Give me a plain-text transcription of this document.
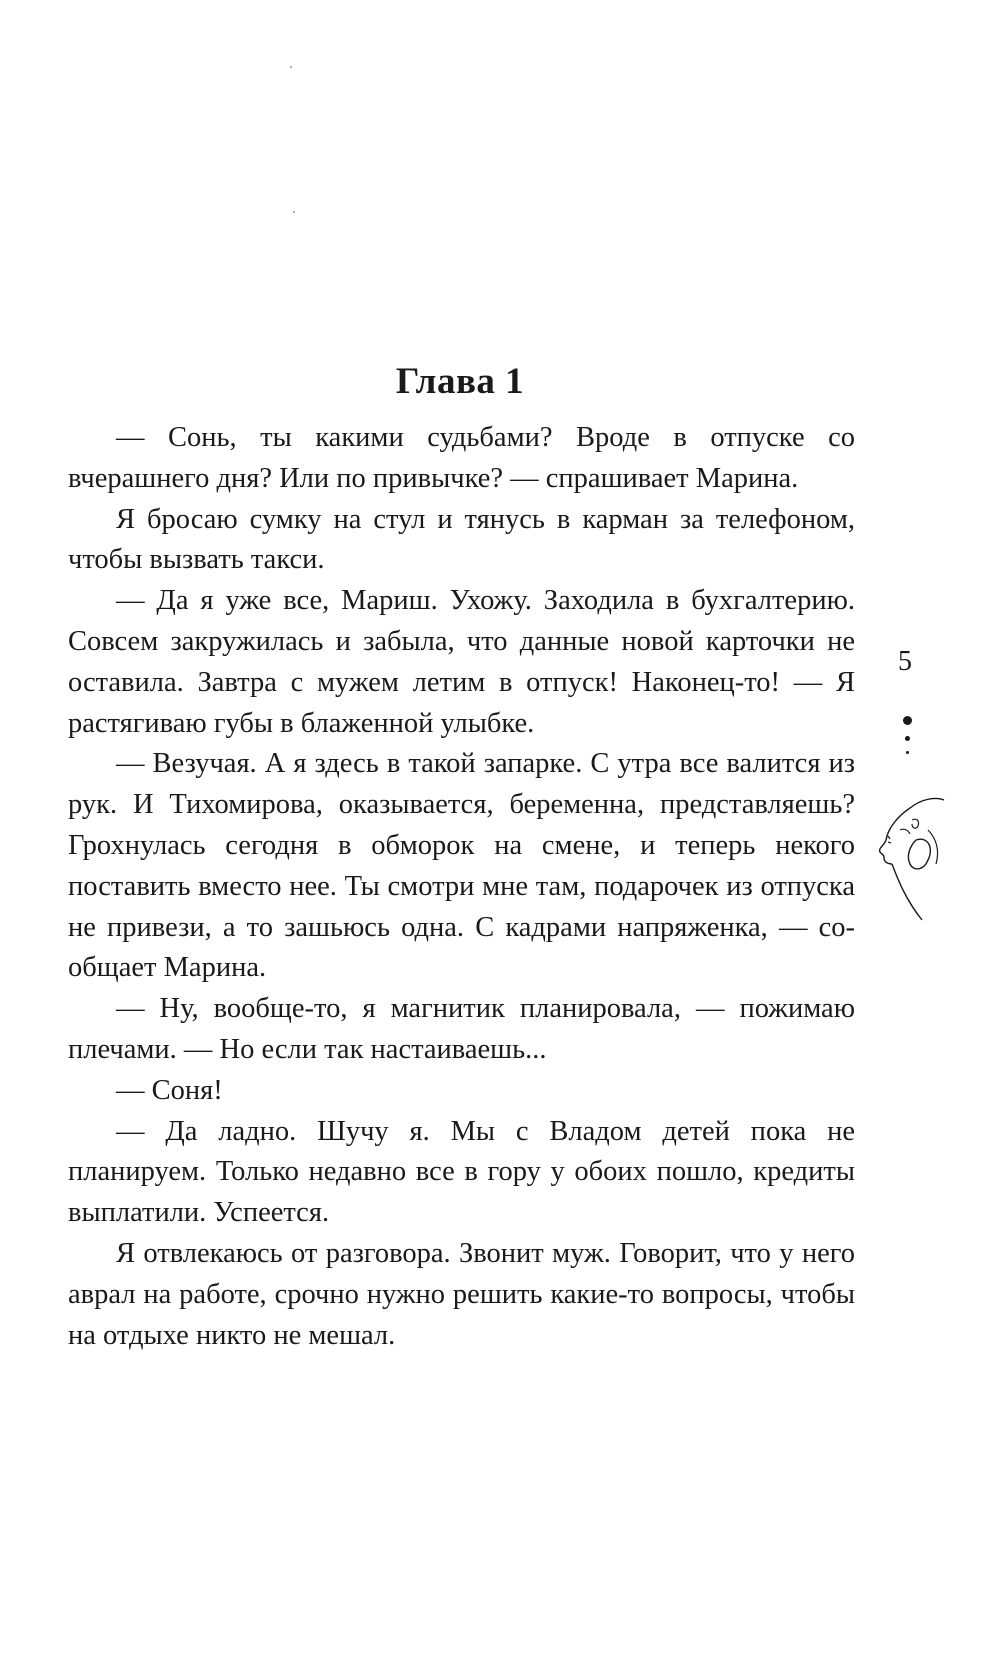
Глава 1

— Сонь, ты какими судьбами? Вроде в отпуске со вчерашнего дня? Или по привычке? — спрашивает Марина.

Я бросаю сумку на стул и тянусь в карман за телефоном, чтобы вызвать такси.

— Да я уже все, Мариш. Ухожу. Заходила в бухгалтерию. Совсем закружилась и забыла, что данные новой карточки не оставила. Завтра с мужем летим в отпуск! Наконец-то! — Я растягиваю губы в блаженной улыбке.

— Везучая. А я здесь в такой запарке. С утра все валится из рук. И Тихомирова, оказывается, беременна, представляешь? Грохнулась сегодня в обморок на смене, и теперь некого поставить вместо нее. Ты смотри мне там, подарочек из отпуска не привези, а то зашьюсь одна. С кадрами напряженка, — сообщает Марина.

— Ну, вообще-то, я магнитик планировала, — пожимаю плечами. — Но если так настаиваешь...

— Соня!

— Да ладно. Шучу я. Мы с Владом детей пока не планируем. Только недавно все в гору у обоих пошло, кредиты выплатили. Успеется.

Я отвлекаюсь от разговора. Звонит муж. Говорит, что у него аврал на работе, срочно нужно решить какие-то вопросы, чтобы на отдыхе никто не мешал.

5
